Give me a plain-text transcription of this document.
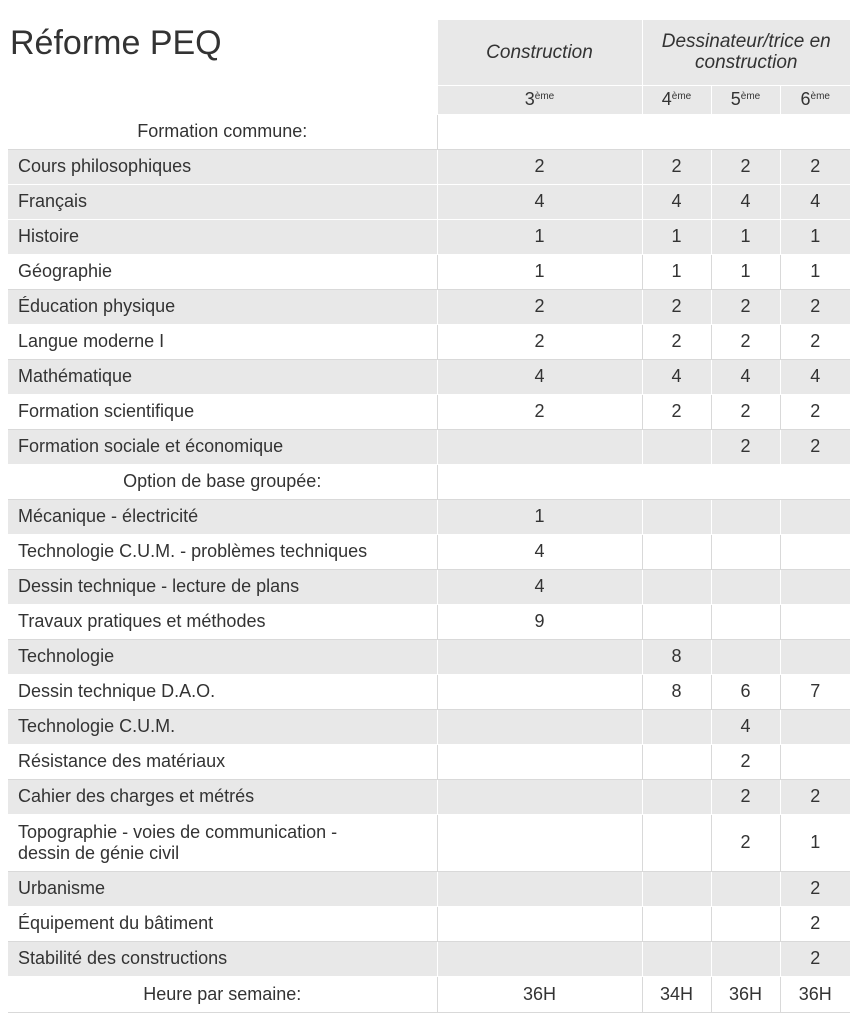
Réforme PEQ	Construction	Dessinateur/trice en construction		
	3ème	4ème	5ème	6ème
Formation commune:				
Cours philosophiques	2	2	2	2
Français	4	4	4	4
Histoire	1	1	1	1
Géographie	1	1	1	1
Éducation physique	2	2	2	2
Langue moderne I	2	2	2	2
Mathématique	4	4	4	4
Formation scientifique	2	2	2	2
Formation sociale et économique			2	2
Option de base groupée:				
Mécanique - électricité	1			
Technologie C.U.M. - problèmes techniques	4			
Dessin technique - lecture de plans	4			
Travaux pratiques et méthodes	9			
Technologie		8		
Dessin technique D.A.O.		8	6	7
Technologie C.U.M.			4	
Résistance des matériaux			2	
Cahier des charges et métrés			2	2
Topographie - voies de communication -
dessin de génie civil			2	1
Urbanisme				2
Équipement du bâtiment				2
Stabilité des constructions				2
Heure par semaine:	36H	34H	36H	36H
